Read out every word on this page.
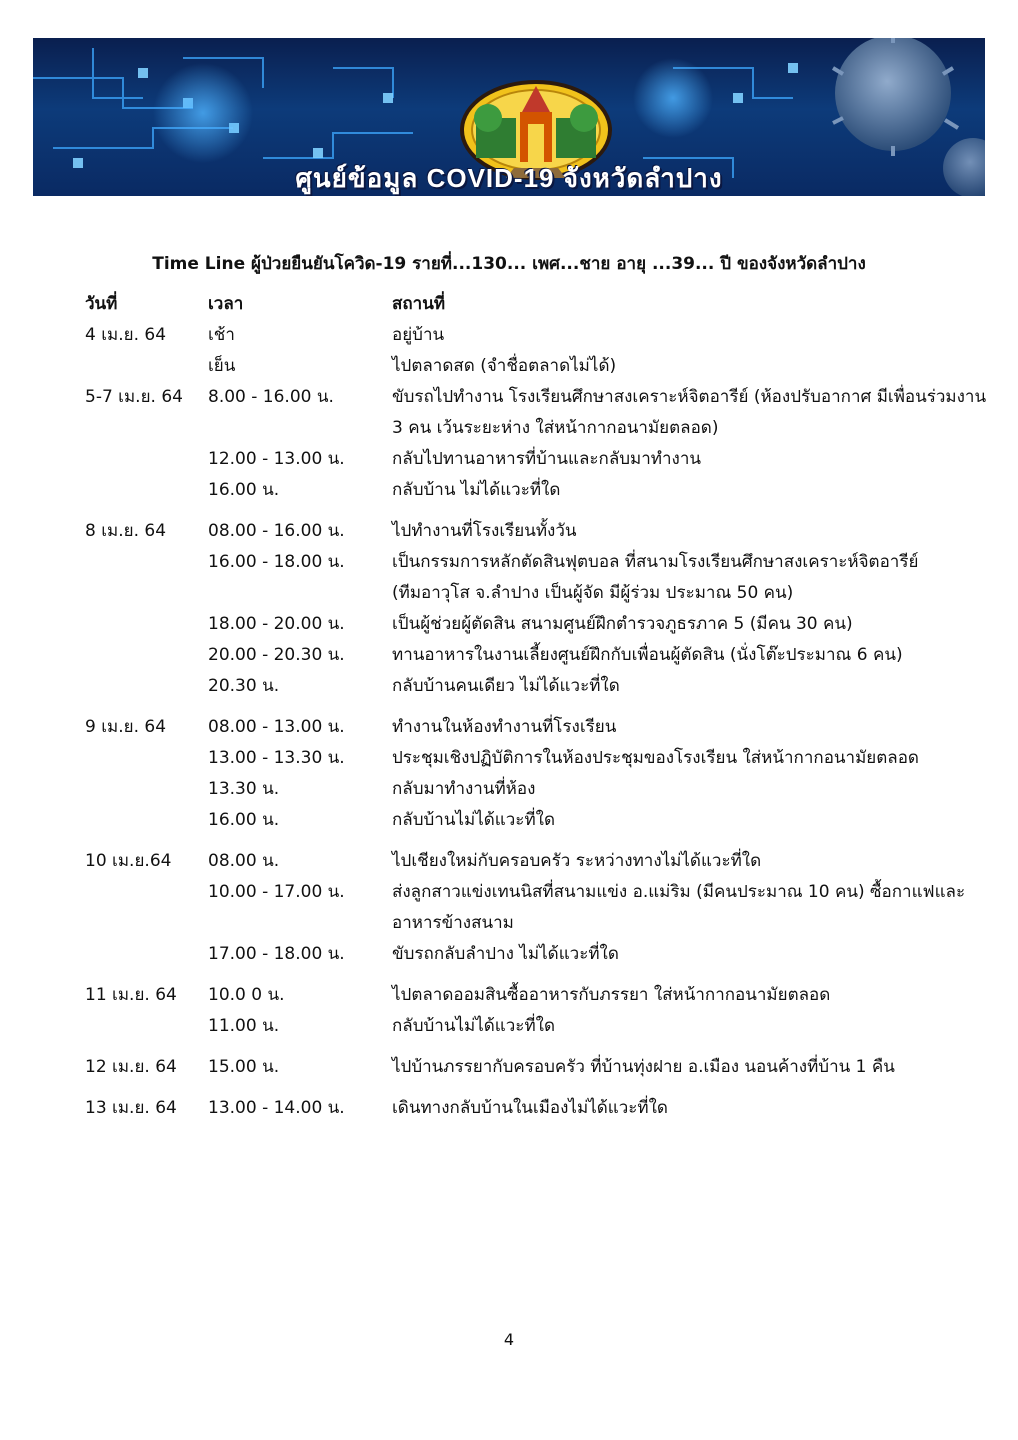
ศูนย์ข้อมูล COVID-19 จังหวัดลำปาง
Time Line ผู้ป่วยยืนยันโควิด-19 รายที่...130... เพศ...ชาย อายุ ...39... ปี ของจังหวัดลำปาง
วันที่	เวลา	สถานที่
4 เม.ย. 64 เช้า	อยู่บ้าน
เย็น	ไปตลาดสด (จำชื่อตลาดไม่ได้)
5-7 เม.ย. 64 8.00 - 16.00 น.	ขับรถไปทำงาน โรงเรียนศึกษาสงเคราะห์จิตอารีย์ (ห้องปรับอากาศ มีเพื่อนร่วมงาน
3 คน เว้นระยะห่าง ใส่หน้ากากอนามัยตลอด)
12.00 - 13.00 น.	กลับไปทานอาหารที่บ้านและกลับมาทำงาน
16.00 น.	กลับบ้าน ไม่ได้แวะที่ใด
8 เม.ย. 64 08.00 - 16.00 น.	ไปทำงานที่โรงเรียนทั้งวัน
16.00 - 18.00 น.	เป็นกรรมการหลักตัดสินฟุตบอล ที่สนามโรงเรียนศึกษาสงเคราะห์จิตอารีย์
(ทีมอาวุโส จ.ลำปาง เป็นผู้จัด มีผู้ร่วม ประมาณ 50 คน)
18.00 - 20.00 น.	เป็นผู้ช่วยผู้ตัดสิน สนามศูนย์ฝึกตำรวจภูธรภาค 5 (มีคน 30 คน)
20.00 - 20.30 น.	ทานอาหารในงานเลี้ยงศูนย์ฝึกกับเพื่อนผู้ตัดสิน (นั่งโต๊ะประมาณ 6 คน)
20.30 น.	กลับบ้านคนเดียว ไม่ได้แวะที่ใด
9 เม.ย. 64 08.00 - 13.00 น.	ทำงานในห้องทำงานที่โรงเรียน
13.00 - 13.30 น.	ประชุมเชิงปฏิบัติการในห้องประชุมของโรงเรียน ใส่หน้ากากอนามัยตลอด
13.30 น.	กลับมาทำงานที่ห้อง
16.00 น.	กลับบ้านไม่ได้แวะที่ใด
10 เม.ย.64 08.00 น.	ไปเชียงใหม่กับครอบครัว ระหว่างทางไม่ได้แวะที่ใด
10.00 - 17.00 น.	ส่งลูกสาวแข่งเทนนิสที่สนามแข่ง อ.แม่ริม (มีคนประมาณ 10 คน) ซื้อกาแฟและ
อาหารข้างสนาม
17.00 - 18.00 น.	ขับรถกลับลำปาง ไม่ได้แวะที่ใด
11 เม.ย. 64 10.0 0 น.	ไปตลาดออมสินซื้ออาหารกับภรรยา ใส่หน้ากากอนามัยตลอด
11.00 น.	กลับบ้านไม่ได้แวะที่ใด
12 เม.ย. 64 15.00 น.	ไปบ้านภรรยากับครอบครัว ที่บ้านทุ่งฝาย อ.เมือง นอนค้างที่บ้าน 1 คืน
13 เม.ย. 64 13.00 - 14.00 น.	เดินทางกลับบ้านในเมืองไม่ได้แวะที่ใด
4
